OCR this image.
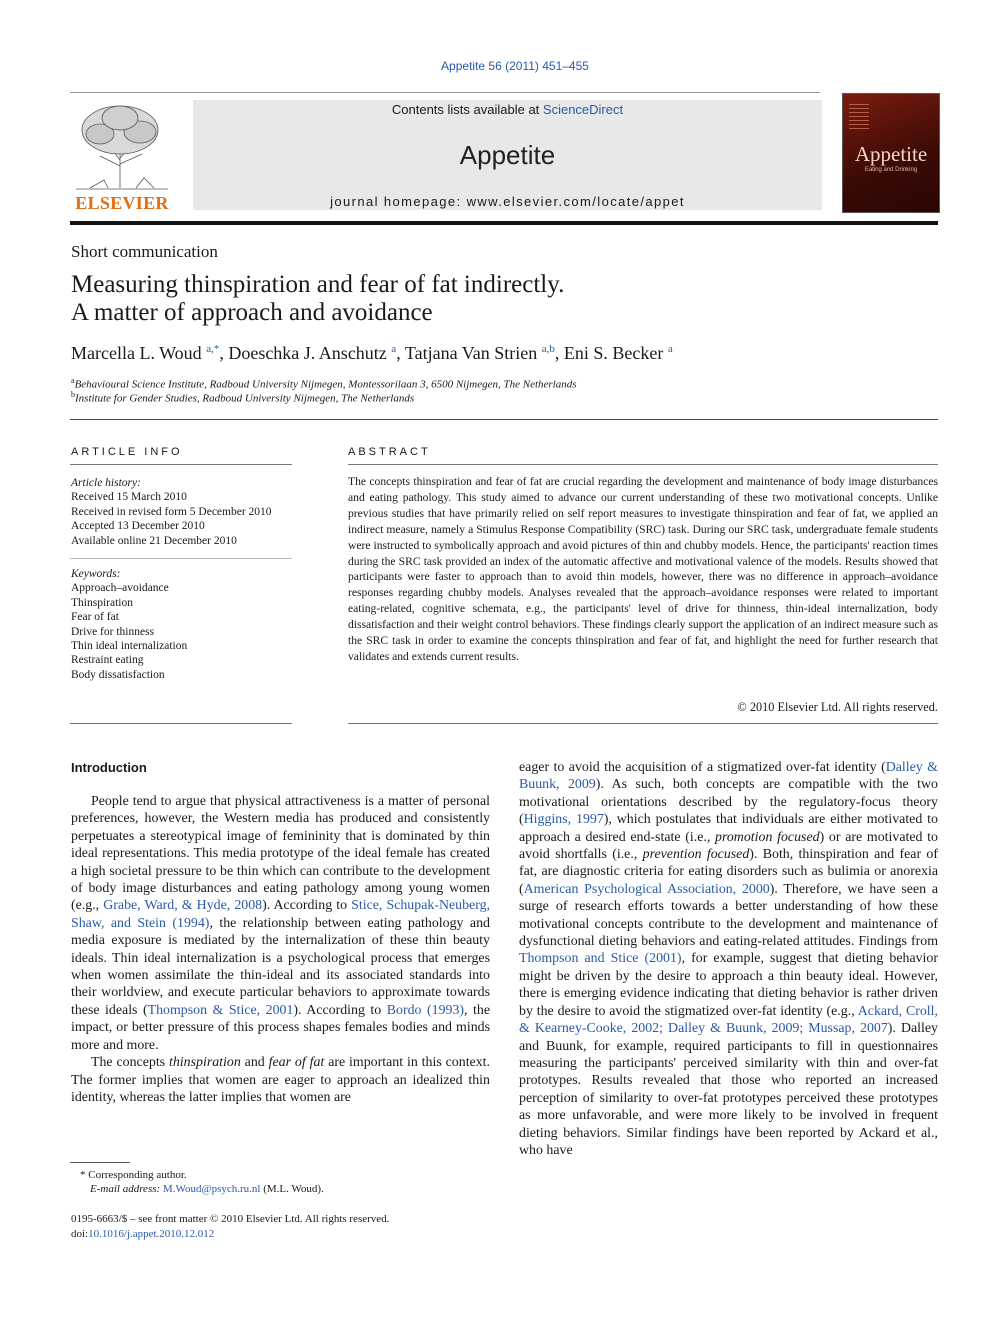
Appetite 56 (2011) 451–455
ELSEVIER
Contents lists available at ScienceDirect
Appetite
journal homepage: www.elsevier.com/locate/appet
Appetite
Eating and Drinking
Short communication
Measuring thinspiration and fear of fat indirectly.
A matter of approach and avoidance
Marcella L. Woud $^{a,*}$, Doeschka J. Anschutz $^a$, Tatjana Van Strien $^{a,b}$, Eni S. Becker $^a$
$^a$Behavioural Science Institute, Radboud University Nijmegen, Montessorilaan 3, 6500 Nijmegen, The Netherlands
$^b$Institute for Gender Studies, Radboud University Nijmegen, The Netherlands
ARTICLE INFO
Article history:
Received 15 March 2010
Received in revised form 5 December 2010
Accepted 13 December 2010
Available online 21 December 2010
Keywords:
Approach–avoidance
Thinspiration
Fear of fat
Drive for thinness
Thin ideal internalization
Restraint eating
Body dissatisfaction
ABSTRACT
The concepts thinspiration and fear of fat are crucial regarding the development and maintenance of body image disturbances and eating pathology. This study aimed to advance our current understanding of these two motivational concepts. Unlike previous studies that have primarily relied on self report measures to investigate thinspiration and fear of fat, we applied an indirect measure, namely a Stimulus Response Compatibility (SRC) task. During our SRC task, undergraduate female students were instructed to symbolically approach and avoid pictures of thin and chubby models. Hence, the participants' reaction times during the SRC task provided an index of the automatic affective and motivational valence of the models. Results showed that participants were faster to approach than to avoid thin models, however, there was no difference in approach–avoidance responses regarding chubby models. Analyses revealed that the approach–avoidance responses were related to important eating-related, cognitive schemata, e.g., the participants' level of drive for thinness, thin-ideal internalization, body dissatisfaction and their weight control behaviors. These findings clearly support the application of an indirect measure such as the SRC task in order to examine the concepts thinspiration and fear of fat, and highlight the need for further research that validates and extends current results.
© 2010 Elsevier Ltd. All rights reserved.
Introduction

People tend to argue that physical attractiveness is a matter of personal preferences, however, the Western media has produced and consistently perpetuates a stereotypical image of femininity that is dominated by thin ideal representations. This media prototype of the ideal female has created a high societal pressure to be thin which can contribute to the development of body image disturbances and eating pathology among young women (e.g., Grabe, Ward, & Hyde, 2008). According to Stice, Schupak-Neuberg, Shaw, and Stein (1994), the relationship between eating pathology and media exposure is mediated by the internalization of these thin beauty ideals. Thin ideal internalization is a psychological process that emerges when women assimilate the thin-ideal and its associated standards into their worldview, and execute particular behaviors to approximate towards these ideals (Thompson & Stice, 2001). According to Bordo (1993), the impact, or better pressure of this process shapes females bodies and minds more and more.

The concepts thinspiration and fear of fat are important in this context. The former implies that women are eager to approach an idealized thin identity, whereas the latter implies that women are

eager to avoid the acquisition of a stigmatized over-fat identity (Dalley & Buunk, 2009). As such, both concepts are compatible with the two motivational orientations described by the regulatory-focus theory (Higgins, 1997), which postulates that individuals are either motivated to approach a desired end-state (i.e., promotion focused) or are motivated to avoid shortfalls (i.e., prevention focused). Both, thinspiration and fear of fat, are diagnostic criteria for eating disorders such as bulimia or anorexia (American Psychological Association, 2000). Therefore, we have seen a surge of research efforts towards a better understanding of how these motivational concepts contribute to the development and maintenance of dysfunctional dieting behaviors and eating-related attitudes. Findings from Thompson and Stice (2001), for example, suggest that dieting behavior might be driven by the desire to approach a thin beauty ideal. However, there is emerging evidence indicating that dieting behavior is rather driven by the desire to avoid the stigmatized over-fat identity (e.g., Ackard, Croll, & Kearney-Cooke, 2002; Dalley & Buunk, 2009; Mussap, 2007). Dalley and Buunk, for example, required participants to fill in questionnaires measuring the participants' perceived similarity with thin and over-fat prototypes. Results revealed that those who reported an increased perception of similarity to over-fat prototypes perceived these prototypes as more unfavorable, and were more likely to be involved in frequent dieting behaviors. Similar findings have been reported by Ackard et al., who have

* Corresponding author.
E-mail address: M.Woud@psych.ru.nl (M.L. Woud).
0195-6663/$ – see front matter © 2010 Elsevier Ltd. All rights reserved.
doi:10.1016/j.appet.2010.12.012
